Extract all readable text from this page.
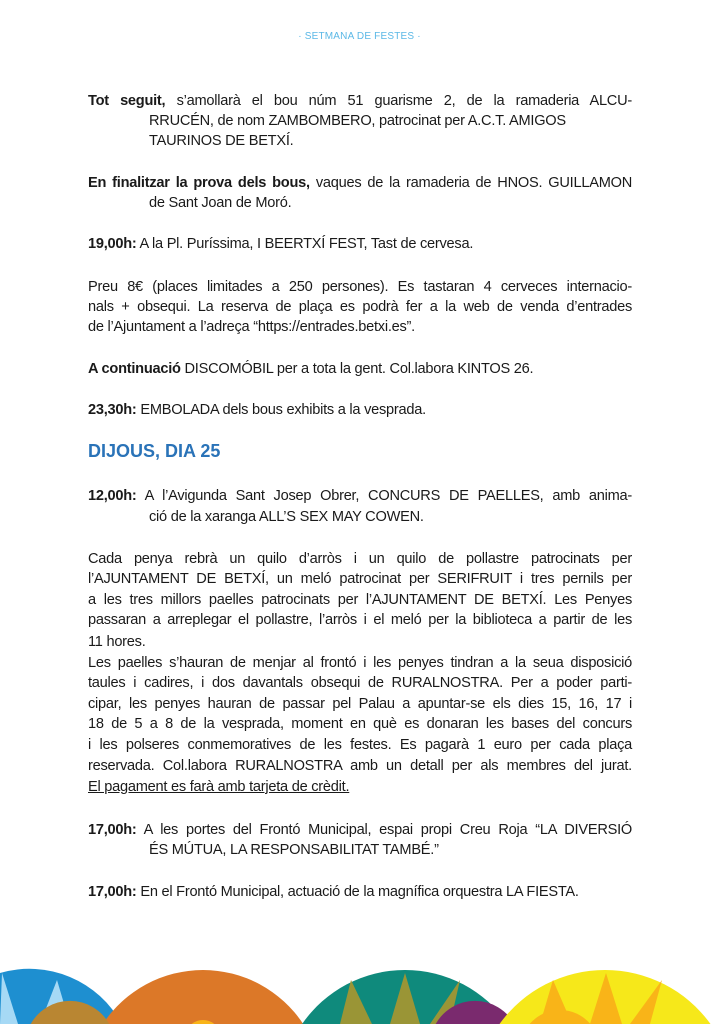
· SETMANA DE FESTES ·
Tot seguit, s’amollarà el bou núm 51 guarisme 2, de la ramaderia ALCU-
RRUCÉN, de nom ZAMBOMBERO, patrocinat per A.C.T. AMIGOS
TAURINOS DE BETXÍ.
En finalitzar la prova dels bous, vaques de la ramaderia de HNOS. GUILLAMON
de Sant Joan de Moró.
19,00h: A la Pl. Puríssima, I BEERTXÍ FEST, Tast de cervesa.
Preu 8€ (places limitades a 250 persones). Es tastaran 4 cerveces internacio-
nals + obsequi. La reserva de plaça es podrà fer a la web de venda d’entrades
de l’Ajuntament a l’adreça “https://entrades.betxi.es”.
A continuació DISCOMÓBIL per a tota la gent. Col.labora KINTOS 26.
23,30h: EMBOLADA dels bous exhibits a la vesprada.
DIJOUS, DIA 25
12,00h: A l’Avigunda Sant Josep Obrer, CONCURS DE PAELLES, amb anima-
ció de la xaranga ALL’S SEX MAY COWEN.
Cada penya rebrà un quilo d’arròs i un quilo de pollastre patrocinats per
l’AJUNTAMENT DE BETXÍ, un meló patrocinat per SERIFRUIT i tres pernils per
a les tres millors paelles patrocinats per l’AJUNTAMENT DE BETXÍ. Les Penyes
passaran a arreplegar el pollastre, l’arròs i el meló per la biblioteca a partir de les
11 hores.
Les paelles s’hauran de menjar al frontó i les penyes tindran a la seua disposició
taules i cadires, i dos davantals obsequi de RURALNOSTRA. Per a poder parti-
cipar, les penyes hauran de passar pel Palau a apuntar-se els dies 15, 16, 17 i
18 de 5 a 8 de la vesprada, moment en què es donaran les bases del concurs
i les polseres conmemoratives de les festes. Es pagarà 1 euro per cada plaça
reservada. Col.labora RURALNOSTRA amb un detall per als membres del jurat.
El pagament es farà amb tarjeta de crèdit.
17,00h: A les portes del Frontó Municipal, espai propi Creu Roja “LA DIVERSIÓ
ÉS MÚTUA, LA RESPONSABILITAT TAMBÉ.”
17,00h: En el Frontó Municipal, actuació de la magnífica orquestra LA FIESTA.
